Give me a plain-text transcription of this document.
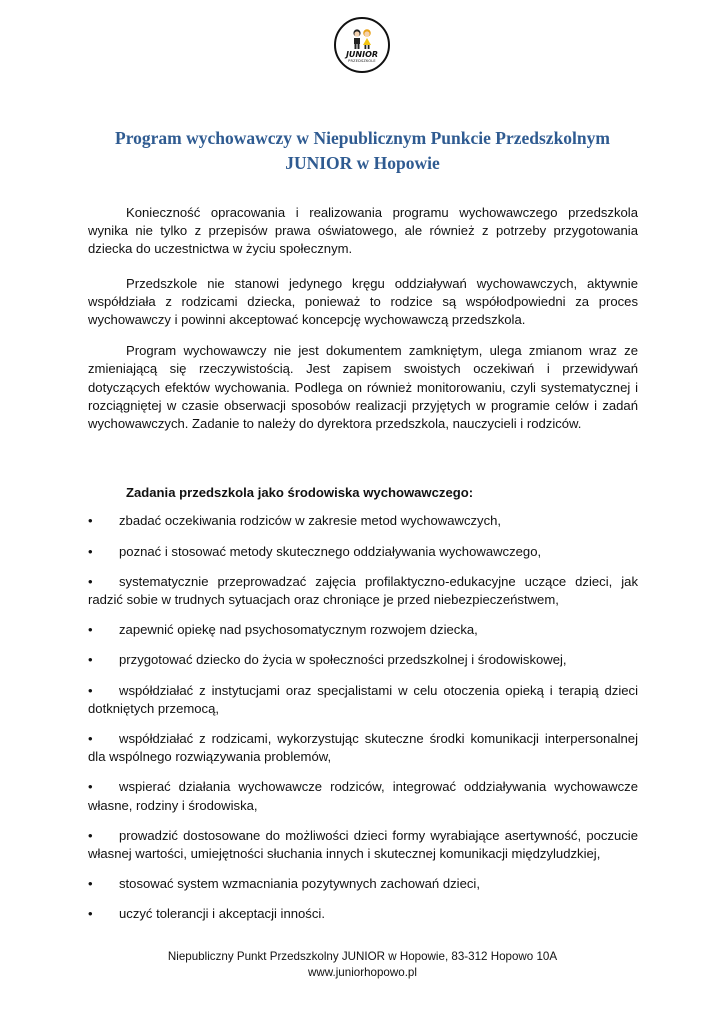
JUNIOR
PRZEDSZKOLE
Program wychowawczy w Niepublicznym Punkcie Przedszkolnym
JUNIOR w Hopowie

Konieczność opracowania i realizowania programu wychowawczego przedszkola wynika nie tylko z przepisów prawa oświatowego, ale również z potrzeby przygotowania dziecka do uczestnictwa w życiu społecznym.

Przedszkole nie stanowi jedynego kręgu oddziaływań wychowawczych, aktywnie współdziała z rodzicami dziecka, ponieważ to rodzice są współodpowiedni za proces wychowawczy i powinni akceptować koncepcję wychowawczą przedszkola.

Program wychowawczy nie jest dokumentem zamkniętym, ulega zmianom wraz ze zmieniającą się rzeczywistością. Jest zapisem swoistych oczekiwań i przewidywań dotyczących efektów wychowania. Podlega on również monitorowaniu, czyli systematycznej i rozciągniętej w czasie obserwacji sposobów realizacji przyjętych w programie celów i zadań wychowawczych. Zadanie to należy do dyrektora przedszkola, nauczycieli i rodziców.

Zadania przedszkola jako środowiska wychowawczego:
•	zbadać oczekiwania rodziców w zakresie metod wychowawczych,
•	poznać i stosować metody skutecznego oddziaływania wychowawczego,
•	systematycznie przeprowadzać zajęcia profilaktyczno-edukacyjne uczące dzieci, jak radzić sobie w trudnych sytuacjach oraz chroniące je przed niebezpieczeństwem,
•	zapewnić opiekę nad psychosomatycznym rozwojem dziecka,
•	przygotować dziecko do życia w społeczności przedszkolnej i środowiskowej,
•	współdziałać z instytucjami oraz specjalistami w celu otoczenia opieką i terapią dzieci dotkniętych przemocą,
•	współdziałać z rodzicami, wykorzystując skuteczne środki komunikacji interpersonalnej dla wspólnego rozwiązywania problemów,
•	wspierać działania wychowawcze rodziców, integrować oddziaływania wychowawcze własne, rodziny i środowiska,
•	prowadzić dostosowane do możliwości dzieci formy wyrabiające asertywność, poczucie własnej wartości, umiejętności słuchania innych i skutecznej komunikacji międzyludzkiej,
•	stosować system wzmacniania pozytywnych zachowań dzieci,
•	uczyć tolerancji i akceptacji inności.
Niepubliczny Punkt Przedszkolny JUNIOR w Hopowie, 83-312 Hopowo 10A
www.juniorhopowo.pl
